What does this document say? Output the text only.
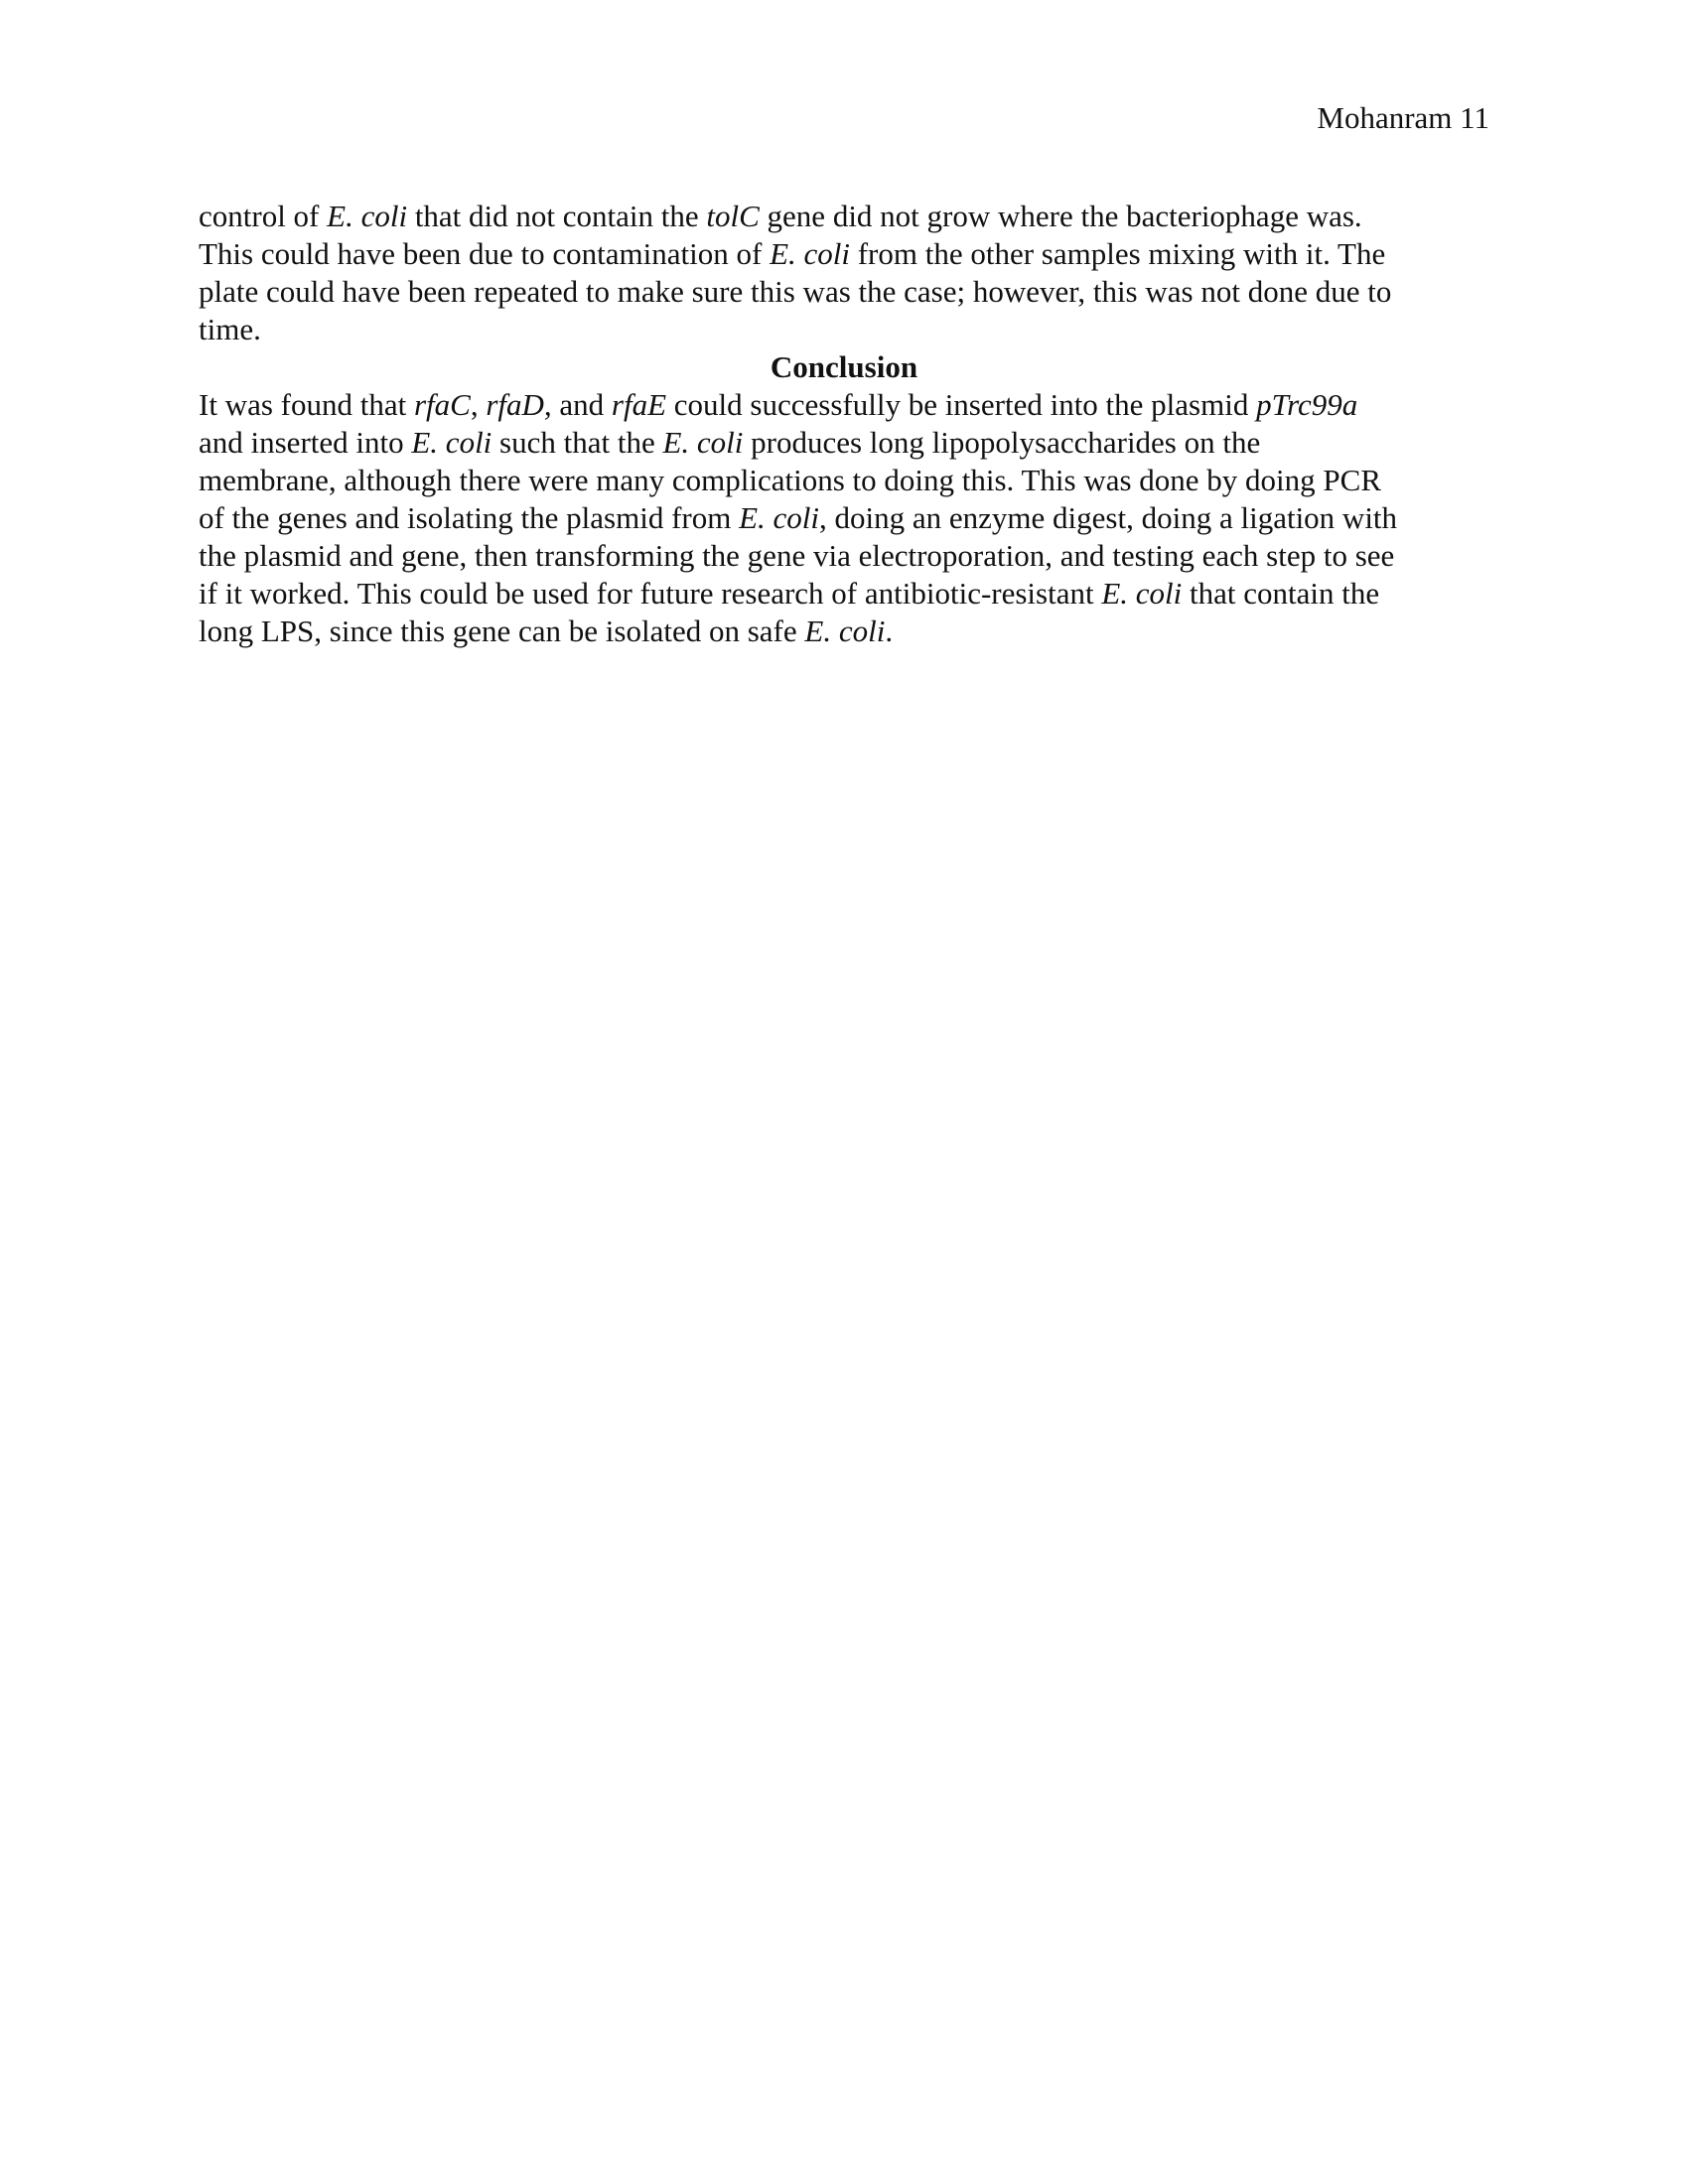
Mohanram 11
control of E. coli that did not contain the tolC gene did not grow where the bacteriophage was.
This could have been due to contamination of E. coli from the other samples mixing with it. The
plate could have been repeated to make sure this was the case; however, this was not done due to
time.
Conclusion
It was found that rfaC, rfaD, and rfaE could successfully be inserted into the plasmid pTrc99a
and inserted into E. coli such that the E. coli produces long lipopolysaccharides on the
membrane, although there were many complications to doing this. This was done by doing PCR
of the genes and isolating the plasmid from E. coli, doing an enzyme digest, doing a ligation with
the plasmid and gene, then transforming the gene via electroporation, and testing each step to see
if it worked. This could be used for future research of antibiotic-resistant E. coli that contain the
long LPS, since this gene can be isolated on safe E. coli.
